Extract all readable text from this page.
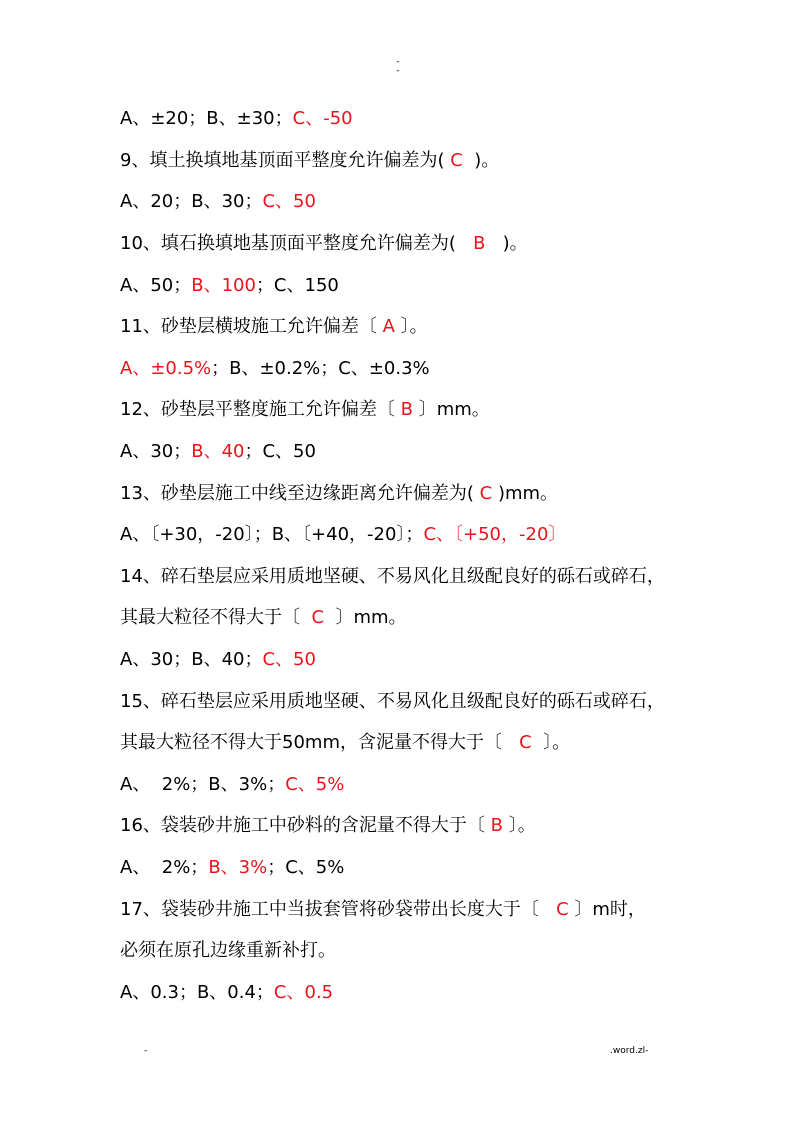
-
-
A、±20；B、±30；C、-50
9、填土换填地基顶面平整度允许偏差为( C  )。
A、20；B、30；C、50
10、填石换填地基顶面平整度允许偏差为(   B   )。
A、50；B、100；C、150
11、砂垫层横坡施工允许偏差〔 A 〕。
A、±0.5%；B、±0.2%；C、±0.3%
12、砂垫层平整度施工允许偏差〔 B 〕mm。
A、30；B、40；C、50
13、砂垫层施工中线至边缘距离允许偏差为( C )mm。
A、〔+30，-20〕；B、〔+40，-20〕；C、〔+50，-20〕
14、碎石垫层应采用质地坚硬、不易风化且级配良好的砾石或碎石，
其最大粒径不得大于〔  C  〕mm。
A、30；B、40；C、50
15、碎石垫层应采用质地坚硬、不易风化且级配良好的砾石或碎石，
其最大粒径不得大于50mm，含泥量不得大于〔   C  〕。
A、  2%；B、3%；C、5%
16、袋装砂井施工中砂料的含泥量不得大于〔 B 〕。
A、  2%；B、3%；C、5%
17、袋装砂井施工中当拔套管将砂袋带出长度大于〔   C 〕m时，
必须在原孔边缘重新补打。
A、0.3；B、0.4；C、0.5
-	.word.zl-
